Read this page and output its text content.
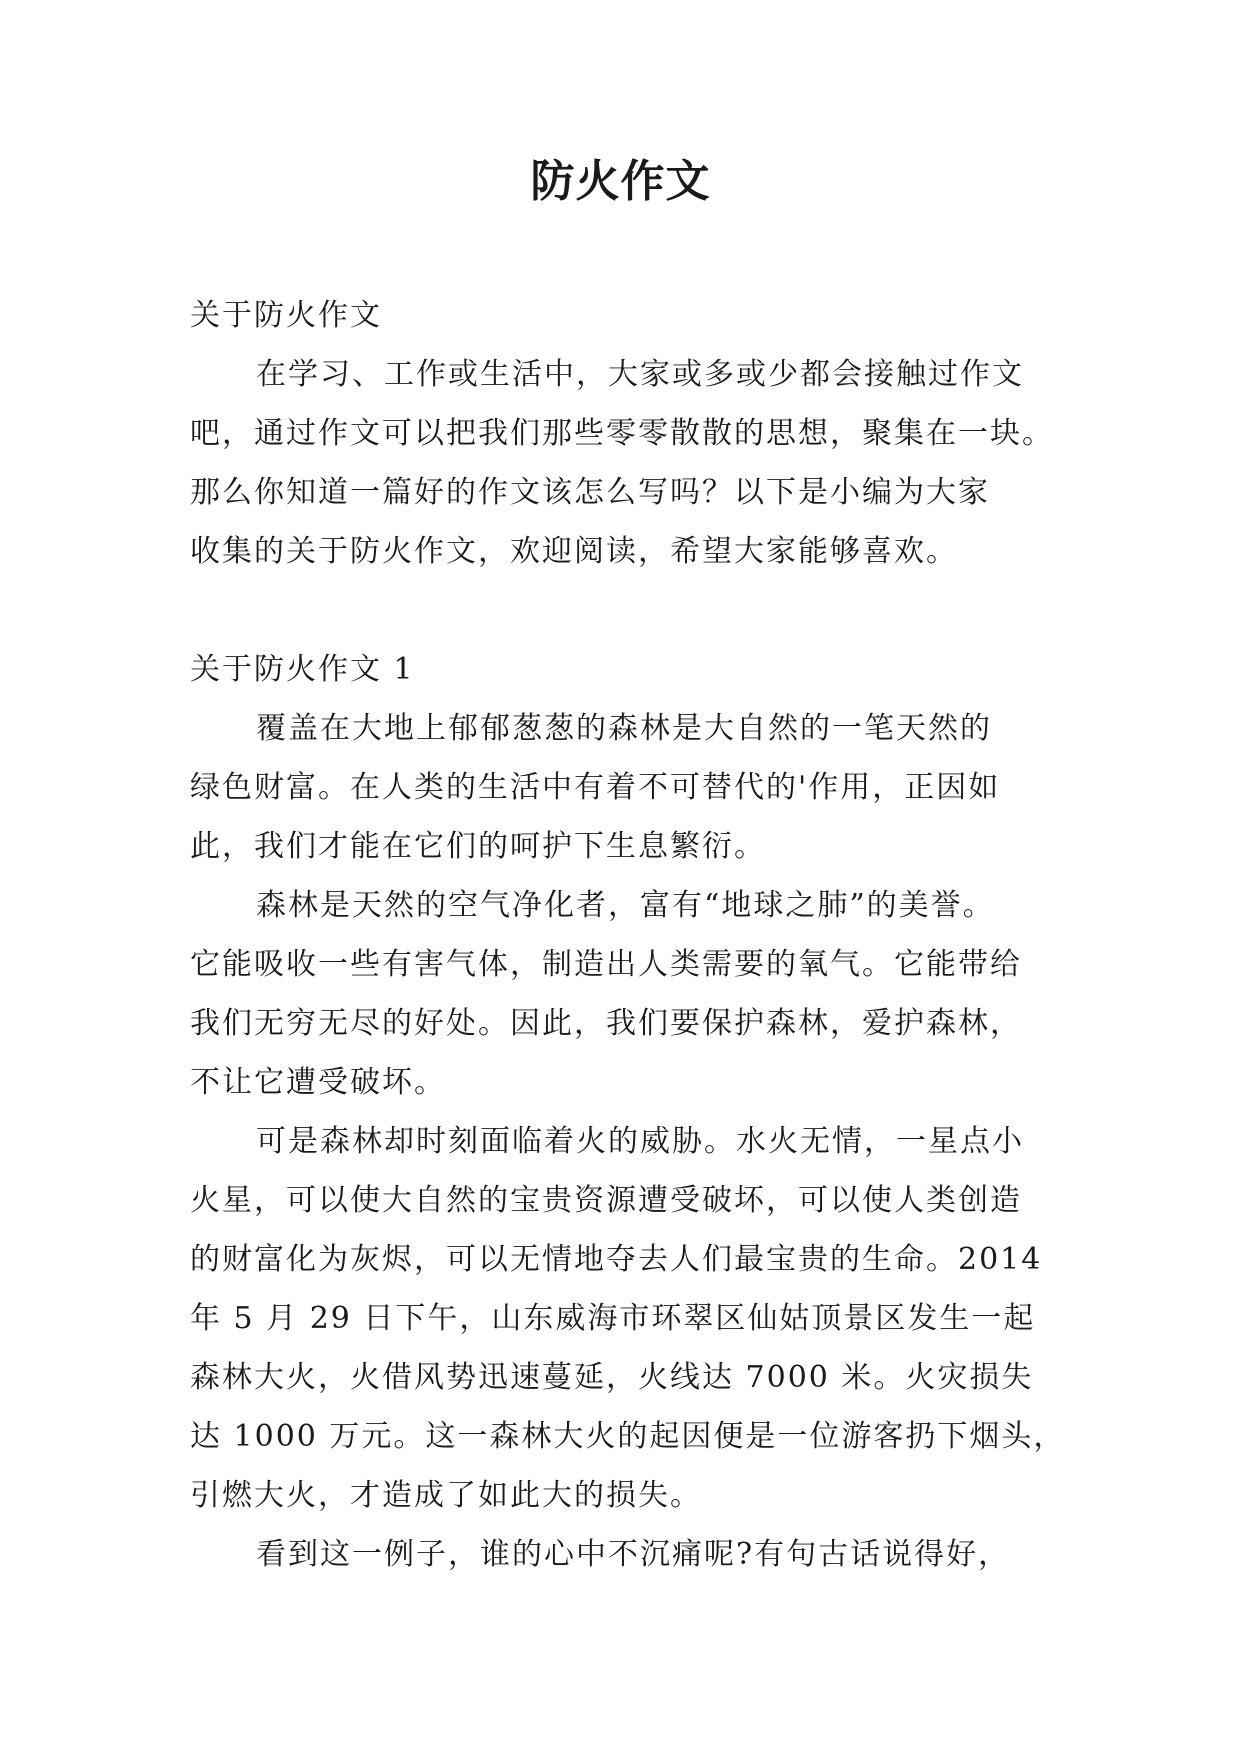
防火作文
关于防火作文
在学习、工作或生活中，大家或多或少都会接触过作文
吧，通过作文可以把我们那些零零散散的思想，聚集在一块。
那么你知道一篇好的作文该怎么写吗？以下是小编为大家
收集的关于防火作文，欢迎阅读，希望大家能够喜欢。
关于防火作文 1
覆盖在大地上郁郁葱葱的森林是大自然的一笔天然的
绿色财富。在人类的生活中有着不可替代的'作用，正因如
此，我们才能在它们的呵护下生息繁衍。
森林是天然的空气净化者，富有“地球之肺”的美誉。
它能吸收一些有害气体，制造出人类需要的氧气。它能带给
我们无穷无尽的好处。因此，我们要保护森林，爱护森林，
不让它遭受破坏。
可是森林却时刻面临着火的威胁。水火无情，一星点小
火星，可以使大自然的宝贵资源遭受破坏，可以使人类创造
的财富化为灰烬，可以无情地夺去人们最宝贵的生命。2014
年 5 月 29 日下午，山东威海市环翠区仙姑顶景区发生一起
森林大火，火借风势迅速蔓延，火线达 7000 米。火灾损失
达 1000 万元。这一森林大火的起因便是一位游客扔下烟头，
引燃大火，才造成了如此大的损失。
看到这一例子，谁的心中不沉痛呢?有句古话说得好，
